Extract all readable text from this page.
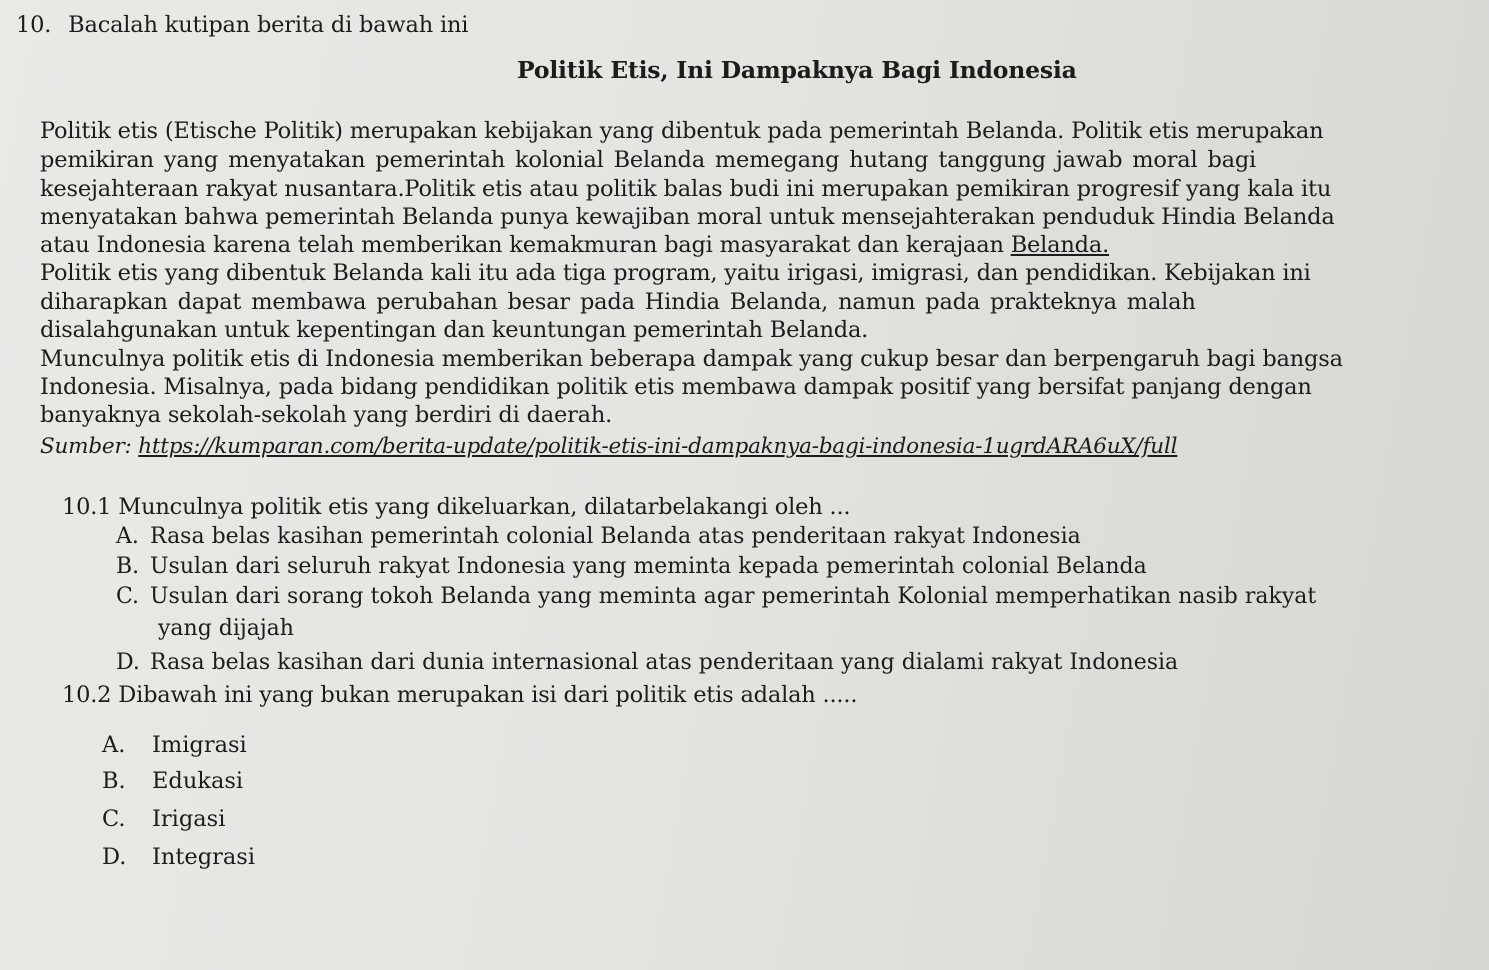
10. Bacalah kutipan berita di bawah ini
Politik Etis, Ini Dampaknya Bagi Indonesia
Politik etis (Etische Politik) merupakan kebijakan yang dibentuk pada pemerintah Belanda. Politik etis merupakan
pemikiran yang menyatakan pemerintah kolonial Belanda memegang hutang tanggung jawab moral bagi
kesejahteraan rakyat nusantara.Politik etis atau politik balas budi ini merupakan pemikiran progresif yang kala itu
menyatakan bahwa pemerintah Belanda punya kewajiban moral untuk mensejahterakan penduduk Hindia Belanda
atau Indonesia karena telah memberikan kemakmuran bagi masyarakat dan kerajaan Belanda.
Politik etis yang dibentuk Belanda kali itu ada tiga program, yaitu irigasi, imigrasi, dan pendidikan. Kebijakan ini
diharapkan dapat membawa perubahan besar pada Hindia Belanda, namun pada prakteknya malah
disalahgunakan untuk kepentingan dan keuntungan pemerintah Belanda.
Munculnya politik etis di Indonesia memberikan beberapa dampak yang cukup besar dan berpengaruh bagi bangsa
Indonesia. Misalnya, pada bidang pendidikan politik etis membawa dampak positif yang bersifat panjang dengan
banyaknya sekolah-sekolah yang berdiri di daerah.
Sumber: https://kumparan.com/berita-update/politik-etis-ini-dampaknya-bagi-indonesia-1ugrdARA6uX/full
10.1 Munculnya politik etis yang dikeluarkan, dilatarbelakangi oleh ...
A. Rasa belas kasihan pemerintah colonial Belanda atas penderitaan rakyat Indonesia
B. Usulan dari seluruh rakyat Indonesia yang meminta kepada pemerintah colonial Belanda
C. Usulan dari sorang tokoh Belanda yang meminta agar pemerintah Kolonial memperhatikan nasib rakyat
yang dijajah
D. Rasa belas kasihan dari dunia internasional atas penderitaan yang dialami rakyat Indonesia
10.2 Dibawah ini yang bukan merupakan isi dari politik etis adalah .....
A. Imigrasi
B. Edukasi
C. Irigasi
D. Integrasi
